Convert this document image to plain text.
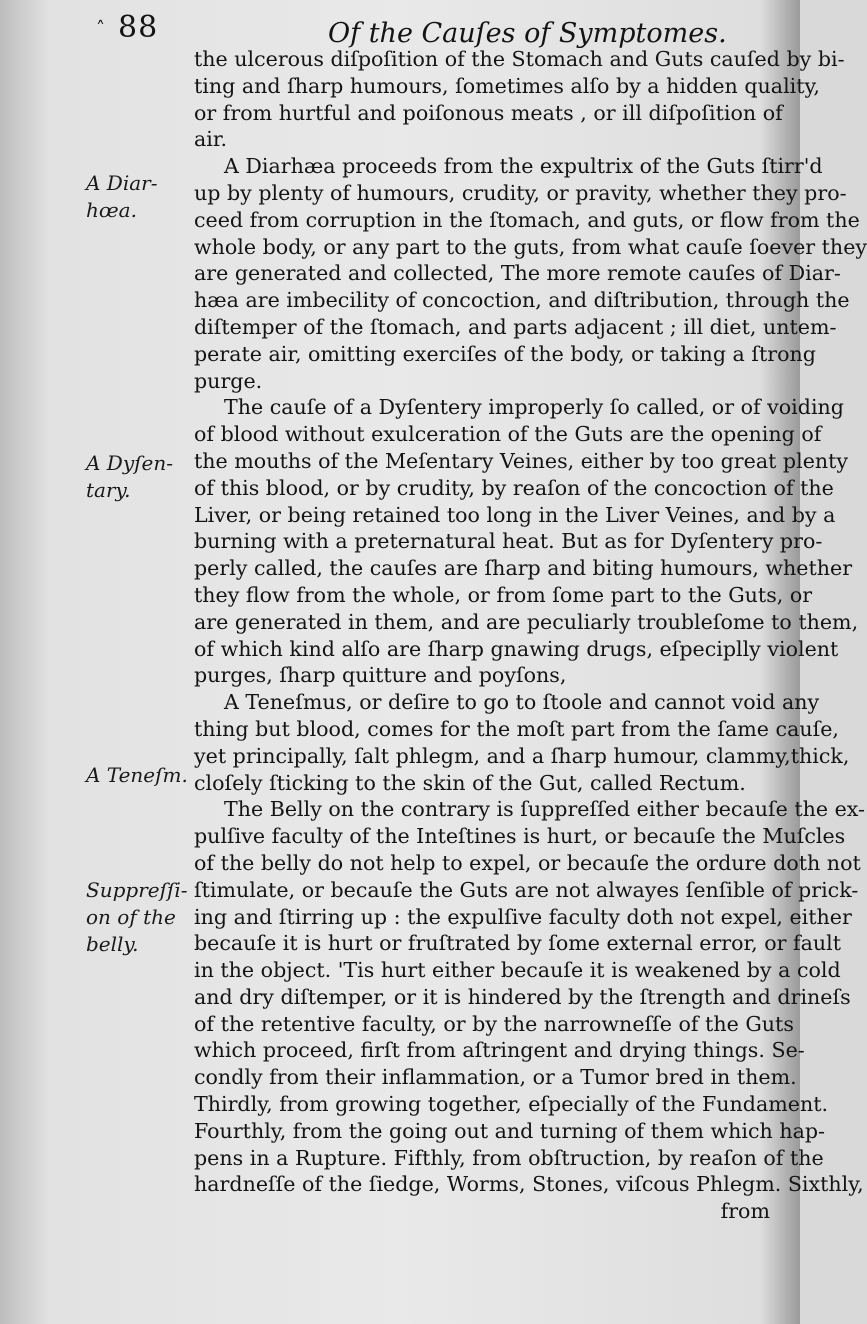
˄ 88	Of the Cauſes of Symptomes.
A Diar-
hœa.
A Dyſen-
tary.
A Teneſm.
Suppreſſi-
on of the
belly.
the ulcerous diſpoſition of the Stomach and Guts cauſed by bi-
ting and ſharp humours, ſometimes alſo by a hidden quality,
or from hurtful and poiſonous meats , or ill diſpoſition of
air.
A Diarhæa proceeds from the expultrix of the Guts ſtirr'd
up by plenty of humours, crudity, or pravity, whether they pro-
ceed from corruption in the ſtomach, and guts, or flow from the
whole body, or any part to the guts, from what cauſe ſoever they
are generated and collected, The more remote cauſes of Diar-
hæa are imbecility of concoction, and diſtribution, through the
diſtemper of the ſtomach, and parts adjacent ; ill diet, untem-
perate air, omitting exerciſes of the body, or taking a ſtrong
purge.
The cauſe of a Dyſentery improperly ſo called, or of voiding
of blood without exulceration of the Guts are the opening of
the mouths of the Meſentary Veines, either by too great plenty
of this blood, or by crudity, by reaſon of the concoction of the
Liver, or being retained too long in the Liver Veines, and by a
burning with a preternatural heat. But as for Dyſentery pro-
perly called, the cauſes are ſharp and biting humours, whether
they flow from the whole, or from ſome part to the Guts, or
are generated in them, and are peculiarly troubleſome to them,
of which kind alſo are ſharp gnawing drugs, eſpeciplly violent
purges, ſharp quitture and poyſons,
A Teneſmus, or deſire to go to ſtoole and cannot void any
thing but blood, comes for the moſt part from the ſame cauſe,
yet principally, ſalt phlegm, and a ſharp humour, clammy,thick,
cloſely ſticking to the skin of the Gut, called Rectum.
The Belly on the contrary is ſuppreſſed either becauſe the ex-
pulſive faculty of the Inteſtines is hurt, or becauſe the Muſcles
of the belly do not help to expel, or becauſe the ordure doth not
ſtimulate, or becauſe the Guts are not alwayes ſenſible of prick-
ing and ſtirring up : the expulſive faculty doth not expel, either
becauſe it is hurt or fruſtrated by ſome external error, or fault
in the object. 'Tis hurt either becauſe it is weakened by a cold
and dry diſtemper, or it is hindered by the ſtrength and drineſs
of the retentive faculty, or by the narrowneſſe of the Guts
which proceed, firſt from aſtringent and drying things. Se-
condly from their inflammation, or a Tumor bred in them.
Thirdly, from growing together, eſpecially of the Fundament.
Fourthly, from the going out and turning of them which hap-
pens in a Rupture. Fifthly, from obſtruction, by reaſon of the
hardneſſe of the ſiedge, Worms, Stones, viſcous Phlegm. Sixthly,
from
